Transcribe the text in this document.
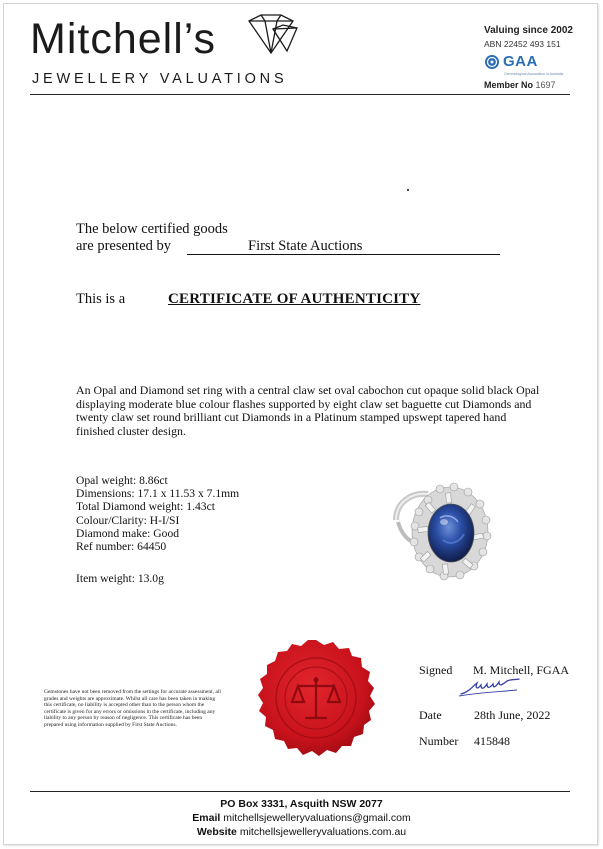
Mitchell’s
JEWELLERY VALUATIONS
Valuing since 2002
ABN 22452 493 151
GAA
Gemmological Association of Australia
Member No 1697
The below certified goods
are presented by	First State Auctions
This is a	CERTIFICATE OF AUTHENTICITY
An Opal and Diamond set ring with a central claw set oval cabochon cut opaque solid black Opal displaying moderate blue colour flashes supported by eight claw set baguette cut Diamonds and twenty claw set round brilliant cut Diamonds in a Platinum stamped upswept tapered hand finished cluster design.
Opal weight: 8.86ct
Dimensions: 17.1 x 11.53 x 7.1mm
Total Diamond weight: 1.43ct
Colour/Clarity: H-I/SI
Diamond make: Good
Ref number: 64450
Item weight: 13.0g
Gemstones have not been removed from the settings for accurate assessment, all grades and weights are approximate. Whilst all care has been taken in making this certificate, no liability is accepted other than to the person whom the certificate is given for any errors or omissions in the certificate, including any liability to any person by reason of negligence. This certificate has been prepared using information supplied by First State Auctions.
Signed M. Mitchell, FGAA
Date	28th June, 2022
Number 415848
PO Box 3331, Asquith NSW 2077
Email mitchellsjewelleryvaluations@gmail.com
Website mitchellsjewelleryvaluations.com.au
